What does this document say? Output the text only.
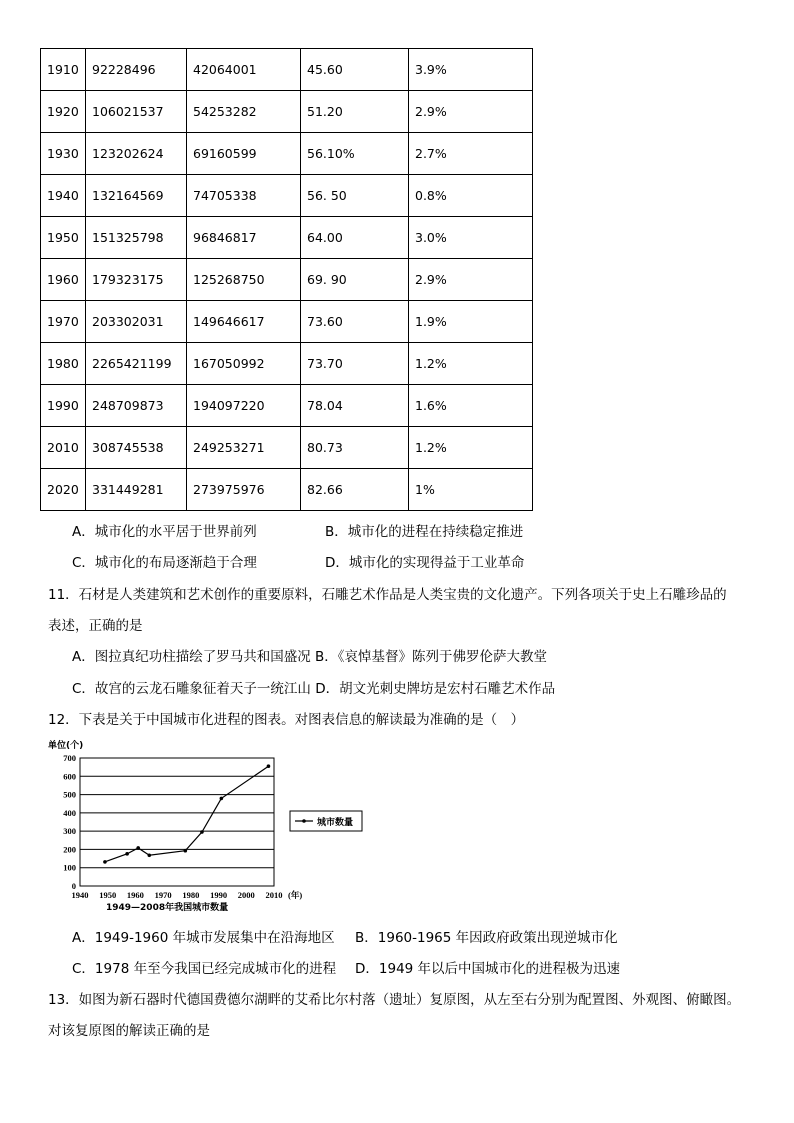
1910	92228496	42064001	45.60	3.9%
1920	106021537	54253282	51.20	2.9%
1930	123202624	69160599	56.10%	2.7%
1940	132164569	74705338	56. 50	0.8%
1950	151325798	96846817	64.00	3.0%
1960	179323175	125268750	69. 90	2.9%
1970	203302031	149646617	73.60	1.9%
1980	2265421199	167050992	73.70	1.2%
1990	248709873	194097220	78.04	1.6%
2010	308745538	249253271	80.73	1.2%
2020	331449281	273975976	82.66	1%
A．城市化的水平居于世界前列	B．城市化的进程在持续稳定推进
C．城市化的布局逐渐趋于合理	D．城市化的实现得益于工业革命
11．石材是人类建筑和艺术创作的重要原料，石雕艺术作品是人类宝贵的文化遗产。下列各项关于史上石雕珍品的
表述，正确的是
A．图拉真纪功柱描绘了罗马共和国盛况 B．《哀悼基督》陈列于佛罗伦萨大教堂
C．故宫的云龙石雕象征着天子一统江山 D．胡文光刺史牌坊是宏村石雕艺术作品
12．下表是关于中国城市化进程的图表。对图表信息的解读最为准确的是（　）
0
100
200
300
400
500
600
700
1940 1950 1960 1970 1980 1990 2000 2010 (年)
单位(个)
1949—2008年我国城市数量
城市数量
A．1949-1960 年城市发展集中在沿海地区 B．1960-1965 年因政府政策出现逆城市化
C．1978 年至今我国已经完成城市化的进程 D．1949 年以后中国城市化的进程极为迅速
13．如图为新石器时代德国费德尔湖畔的艾希比尔村落（遗址）复原图，从左至右分别为配置图、外观图、俯瞰图。
对该复原图的解读正确的是
